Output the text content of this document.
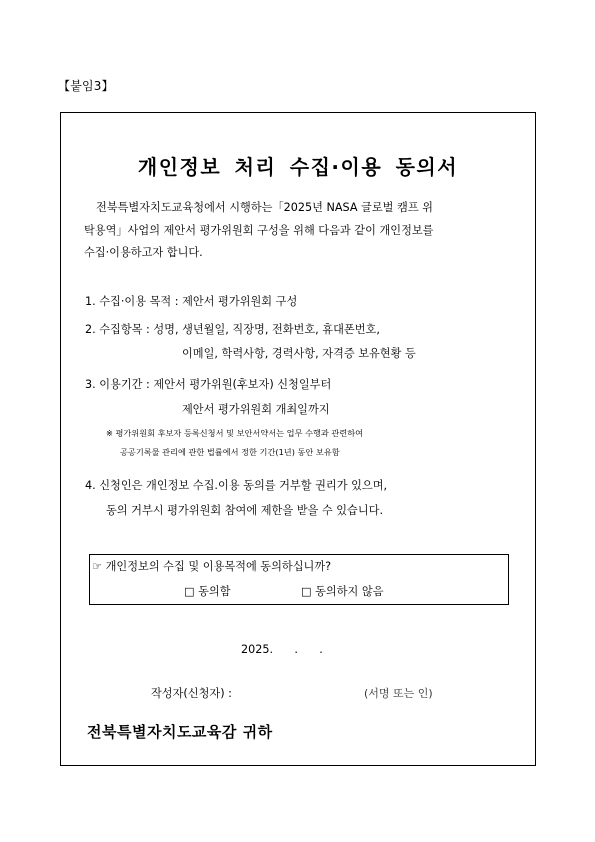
【붙임3】
개인정보 처리 수집·이용 동의서
전북특별자치도교육청에서 시행하는「2025년 NASA 글로벌 캠프 위
탁용역」사업의 제안서 평가위원회 구성을 위해 다음과 같이 개인정보를
수집·이용하고자 합니다.
1. 수집·이용 목적 : 제안서 평가위원회 구성
2. 수집항목 : 성명, 생년월일, 직장명, 전화번호, 휴대폰번호,
이메일, 학력사항, 경력사항, 자격증 보유현황 등
3. 이용기간 : 제안서 평가위원(후보자) 신청일부터
제안서 평가위원회 개최일까지
※ 평가위원회 후보자 등록신청서 및 보안서약서는 업무 수행과 관련하여
공공기록물 관리에 관한 법률에서 정한 기간(1년) 동안 보유함
4. 신청인은 개인정보 수집.이용 동의를 거부할 권리가 있으며,
동의 거부시 평가위원회 참여에 제한을 받을 수 있습니다.
☞ 개인정보의 수집 및 이용목적에 동의하십니까?
□ 동의함	□ 동의하지 않음
2025.      .      .
작성자(신청자) :	(서명 또는 인)
전북특별자치도교육감 귀하
